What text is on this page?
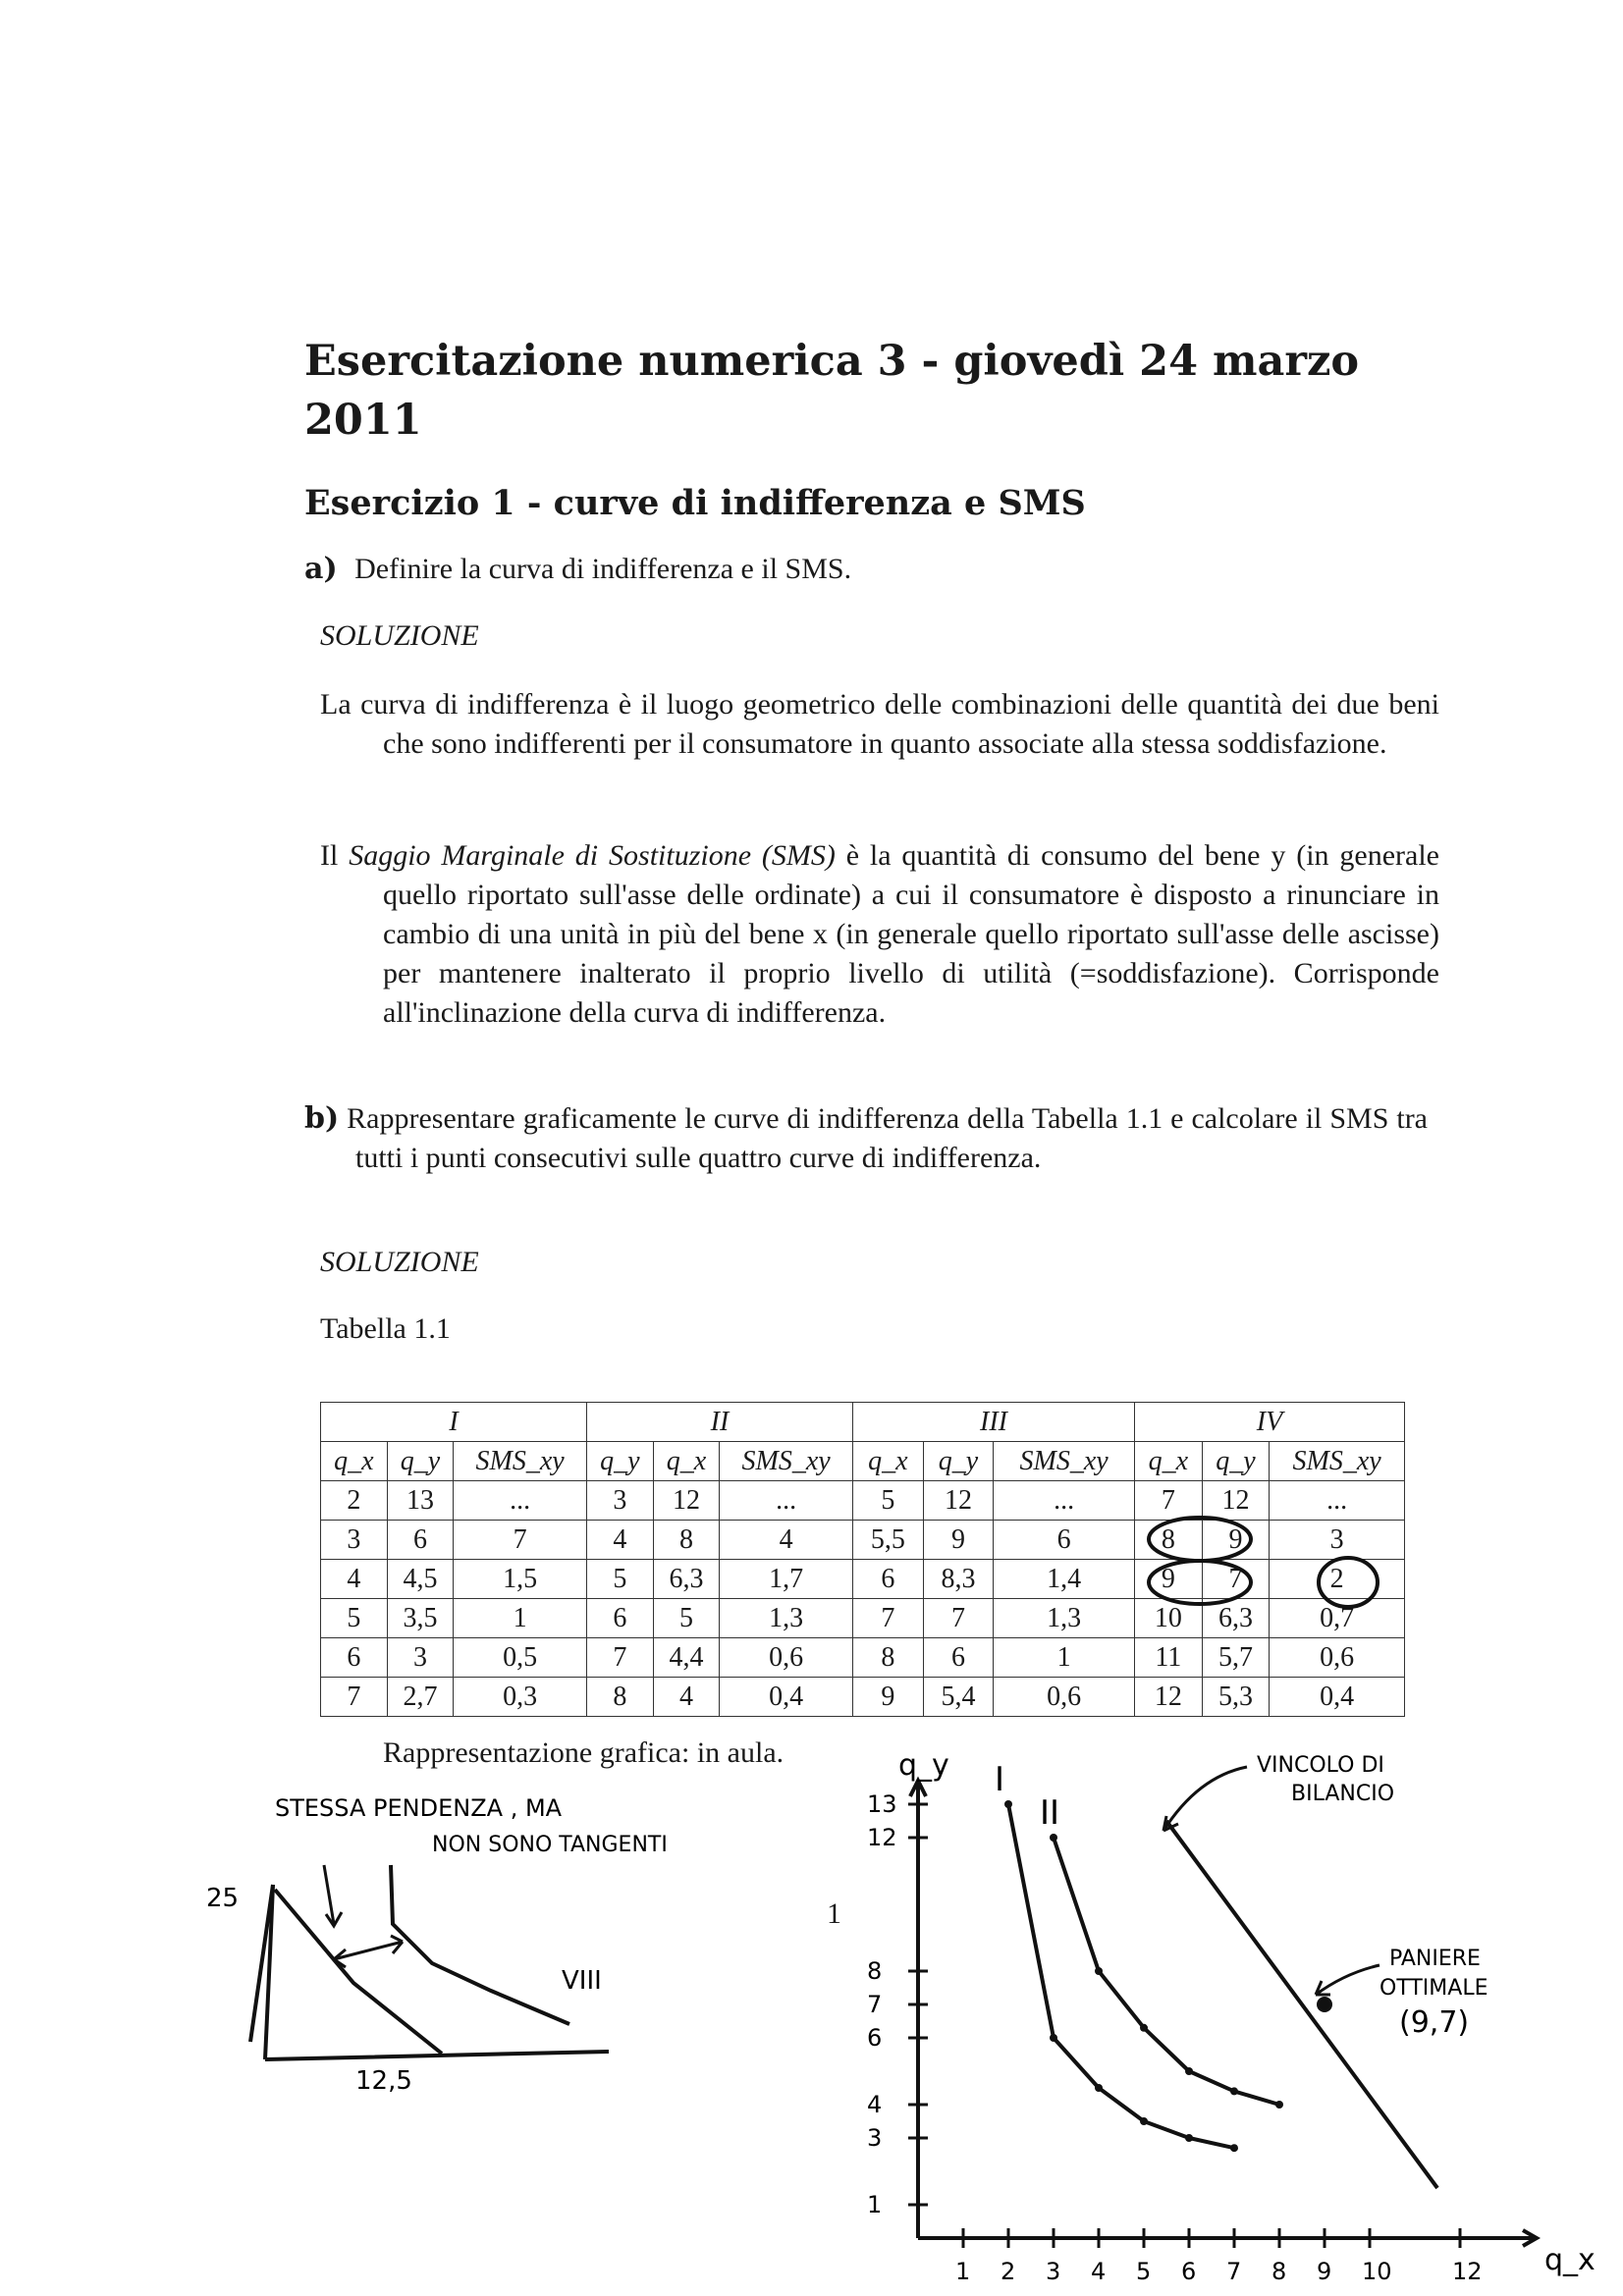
Esercitazione numerica 3 - giovedì 24 marzo 2011
Esercizio 1 - curve di indifferenza e SMS
a) Definire la curva di indifferenza e il SMS.
SOLUZIONE
La curva di indifferenza è il luogo geometrico delle combinazioni delle quantità dei due beni che sono indifferenti per il consumatore in quanto associate alla stessa soddisfazione.
Il Saggio Marginale di Sostituzione (SMS) è la quantità di consumo del bene y (in generale quello riportato sull'asse delle ordinate) a cui il consumatore è disposto a rinunciare in cambio di una unità in più del bene x (in generale quello riportato sull'asse delle ascisse) per mantenere inalterato il proprio livello di utilità (=soddisfazione). Corrisponde all'inclinazione della curva di indifferenza.
b) Rappresentare graficamente le curve di indifferenza della Tabella 1.1 e calcolare il SMS tra tutti i punti consecutivi sulle quattro curve di indifferenza.
SOLUZIONE
Tabella 1.1
I			II			III			IV		
q_x	q_y	SMS_xy	q_y	q_x	SMS_xy	q_x	q_y	SMS_xy	q_x	q_y	SMS_xy
2	13	...	3	12	...	5	12	...	7	12	...
3	6	7	4	8	4	5,5	9	6	8	9	3
4	4,5	1,5	5	6,3	1,7	6	8,3	1,4	9	7	2
5	3,5	1	6	5	1,3	7	7	1,3	10	6,3	0,7
6	3	0,5	7	4,4	0,6	8	6	1	11	5,7	0,6
7	2,7	0,3	8	4	0,4	9	5,4	0,6	12	5,3	0,4
Rappresentazione grafica: in aula.
1
STESSA PENDENZA , MA
NON SONO TANGENTI
25
12,5
VIII
q_x
q_y
1 2 3 4 5 6 7 8 9 10	12
1
3
4
6
7
8
12
13
I
II
VINCOLO DI
BILANCIO
PANIERE
OTTIMALE
(9,7)
